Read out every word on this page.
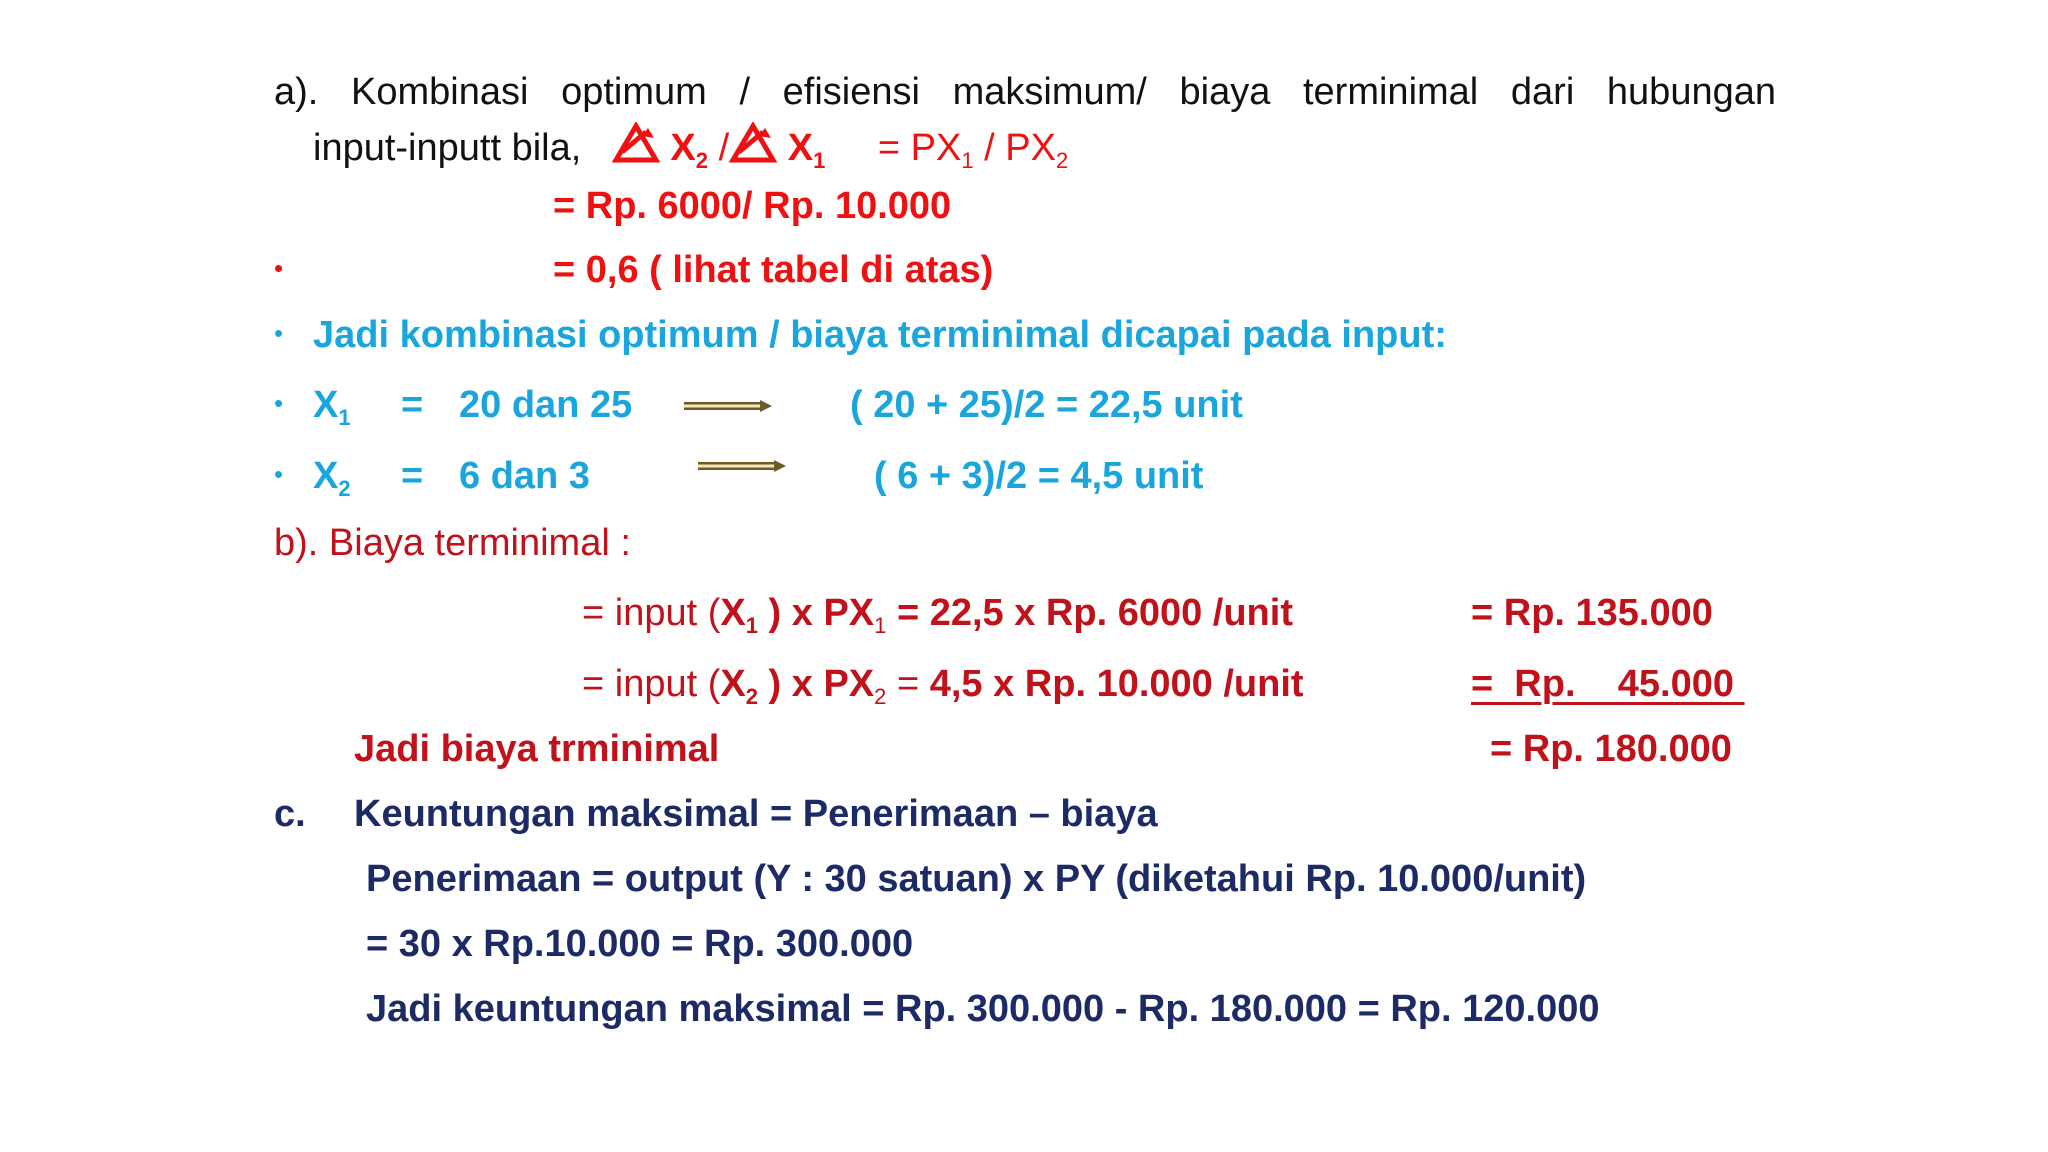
a). Kombinasi optimum / efisiensi maksimum/ biaya terminimal dari hubungan
input-inputt bila, $X_2 / X_1 = PX_1 / PX_2$
= Rp. 6000/ Rp. 10.000
•	= 0,6 ( lihat tabel di atas)
• Jadi kombinasi optimum / biaya terminimal dicapai pada input:
• $X_1 = 20$ dan 25	( 20 + 25)/2 = 22,5 unit
• $X_2 = 6$ dan 3	( 6 + 3)/2 = 4,5 unit
b). Biaya terminimal :
= input ($X_1$ ) x $PX_1 = 22,5$ x Rp. 6000 /unit	= Rp. 135.000
= input ($X_2$ ) x $PX_2 = 4,5$ x Rp. 10.000 /unit	=  Rp.    45.000
Jadi biaya trminimal	= Rp. 180.000
c. Keuntungan maksimal = Penerimaan – biaya
Penerimaan = output (Y : 30 satuan) x PY (diketahui Rp. 10.000/unit)
= 30 x Rp.10.000 = Rp. 300.000
Jadi keuntungan maksimal = Rp. 300.000 - Rp. 180.000 = Rp. 120.000
